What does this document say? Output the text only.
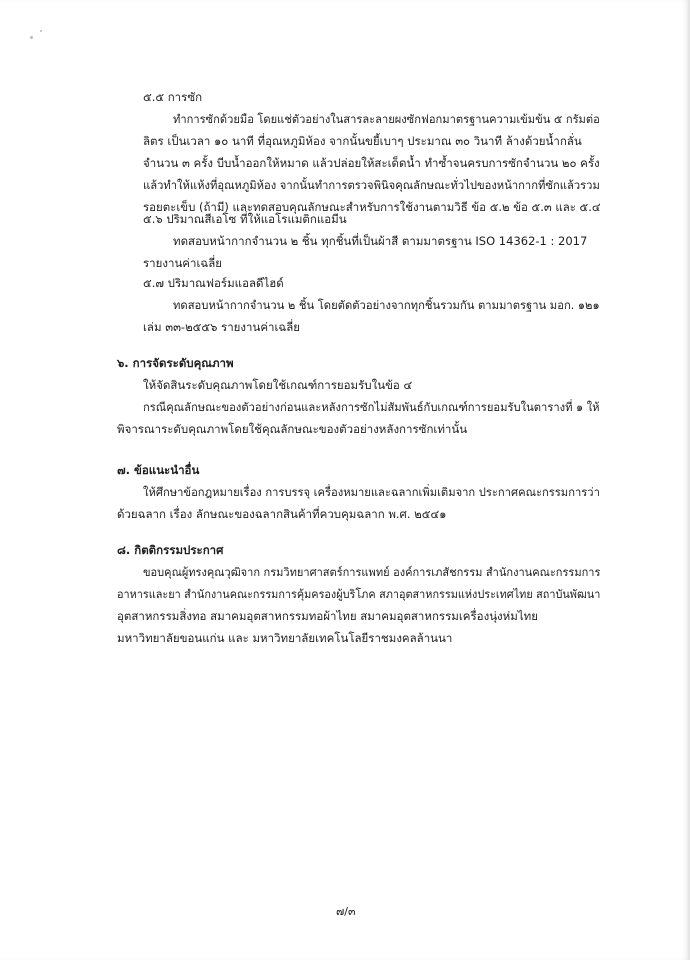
๕.๕ การซัก
ทำการซักด้วยมือ โดยแช่ตัวอย่างในสารละลายผงซักฟอกมาตรฐานความเข้มข้น ๕ กรัมต่อ
ลิตร เป็นเวลา ๑๐ นาที ที่อุณหภูมิห้อง จากนั้นขยี้เบาๆ ประมาณ ๓๐ วินาที ล้างด้วยน้ำกลั่น
จำนวน ๓ ครั้ง บีบน้ำออกให้หมาด แล้วปล่อยให้สะเด็ดน้ำ ทำซ้ำจนครบการซักจำนวน ๒๐ ครั้ง
แล้วทำให้แห้งที่อุณหภูมิห้อง จากนั้นทำการตรวจพินิจคุณลักษณะทั่วไปของหน้ากากที่ซักแล้วรวม
รอยตะเข็บ (ถ้ามี) และทดสอบคุณลักษณะสำหรับการใช้งานตามวิธี ข้อ ๕.๒ ข้อ ๕.๓ และ ๕.๔
๕.๖ ปริมาณสีเอโซ ที่ให้แอโรแมติกแอมีน
ทดสอบหน้ากากจำนวน ๒ ชิ้น ทุกชิ้นที่เป็นผ้าสี ตามมาตรฐาน ISO 14362-1 : 2017
รายงานค่าเฉลี่ย
๕.๗ ปริมาณฟอร์มแอลดีไฮด์
ทดสอบหน้ากากจำนวน ๒ ชิ้น โดยตัดตัวอย่างจากทุกชิ้นรวมกัน ตามมาตรฐาน มอก. ๑๒๑
เล่ม ๓๓-๒๕๕๖ รายงานค่าเฉลี่ย
๖. การจัดระดับคุณภาพ
ให้จัดสินระดับคุณภาพโดยใช้เกณฑ์การยอมรับในข้อ ๔
กรณีคุณลักษณะของตัวอย่างก่อนและหลังการซักไม่สัมพันธ์กับเกณฑ์การยอมรับในตารางที่ ๑ ให้
พิจารณาระดับคุณภาพโดยใช้คุณลักษณะของตัวอย่างหลังการซักเท่านั้น
๗. ข้อแนะนำอื่น
ให้ศึกษาข้อกฎหมายเรื่อง การบรรจุ เครื่องหมายและฉลากเพิ่มเติมจาก ประกาศคณะกรรมการว่า
ด้วยฉลาก เรื่อง ลักษณะของฉลากสินค้าที่ควบคุมฉลาก พ.ศ. ๒๕๔๑
๘. กิตติกรรมประกาศ
ขอบคุณผู้ทรงคุณวุฒิจาก กรมวิทยาศาสตร์การแพทย์ องค์การเภสัชกรรม สำนักงานคณะกรรมการ
อาหารและยา สำนักงานคณะกรรมการคุ้มครองผู้บริโภค สภาอุตสาหกรรมแห่งประเทศไทย สถาบันพัฒนา
อุตสาหกรรมสิ่งทอ สมาคมอุตสาหกรรมทอผ้าไทย สมาคมอุตสาหกรรมเครื่องนุ่งห่มไทย
มหาวิทยาลัยขอนแก่น และ มหาวิทยาลัยเทคโนโลยีราชมงคลล้านนา
๗/๓
